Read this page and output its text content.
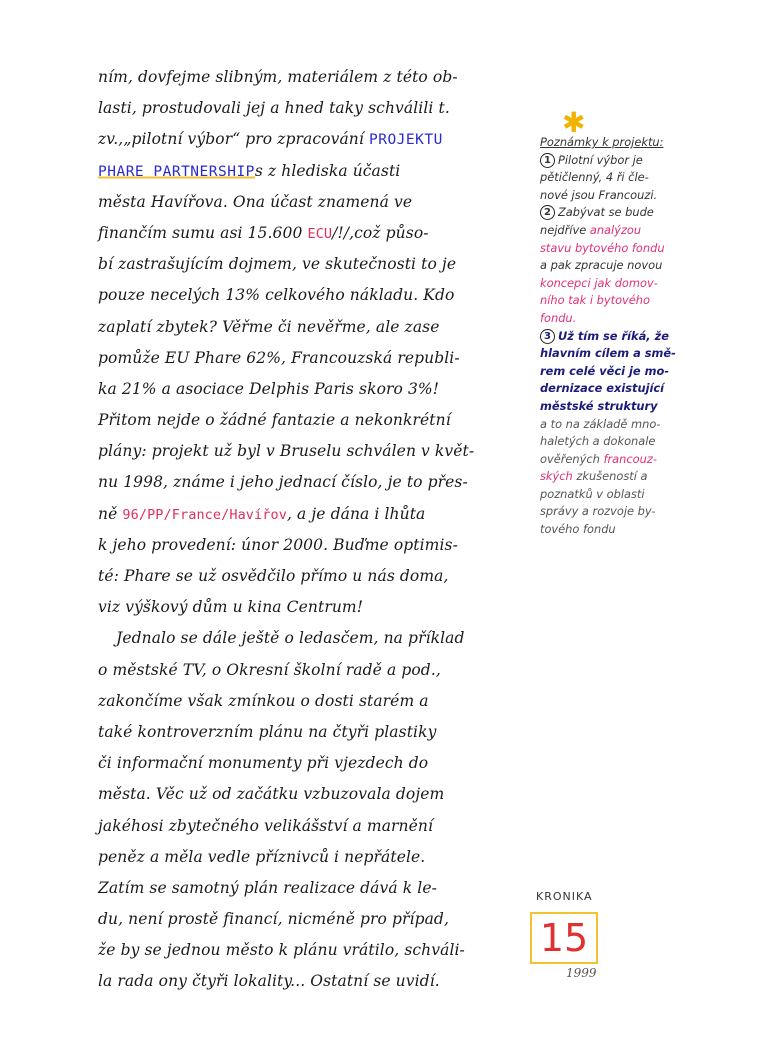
ním, dovfejme slibným, materiálem z této ob-
lasti, prostudovali jej a hned taky schválili t.
zv.,„pilotní výbor“ pro zpracování PROJEKTU
PHARE PARTNERSHIPs z hlediska účasti
města Havířova. Ona účast znamená ve
finančím sumu asi 15.600 ECU/!/,což půso-
bí zastrašujícím dojmem, ve skutečnosti to je
pouze necelých 13% celkového nákladu. Kdo
zaplatí zbytek? Věřme či nevěřme, ale zase
pomůže EU Phare 62%, Francouzská republi-
ka 21% a asociace Delphis Paris skoro 3%!
Přitom nejde o žádné fantazie a nekonkrétní
plány: projekt už byl v Bruselu schválen v květ-
nu 1998, známe i jeho jednací číslo, je to přes-
ně 96/PP/France/Havířov, a je dána i lhůta
k jeho provedení: únor 2000. Buďme optimis-
té: Phare se už osvědčilo přímo u nás doma,
viz výškový dům u kina Centrum!
Jednalo se dále ještě o ledasčem, na příklad
o městské TV, o Okresní školní radě a pod.,
zakončíme však zmínkou o dosti starém a
také kontroverzním plánu na čtyři plastiky
či informační monumenty při vjezdech do
města. Věc už od začátku vzbuzovala dojem
jakéhosi zbytečného velikášství a marnění
peněz a měla vedle příznivců i nepřátele.
Zatím se samotný plán realizace dává k le-
du, není prostě financí, nicméně pro případ,
že by se jednou město k plánu vrátilo, schváli-
la rada ony čtyři lokality... Ostatní se uvidí.
✱
Poznámky k projektu:
1 Pilotní výbor je
pětičlenný, 4 ři čle-
nové jsou Francouzi.
2 Zabývat se bude
nejdříve analýzou
stavu bytového fondu
a pak zpracuje novou
koncepci jak domov-
ního tak i bytového
fondu.
3 Už tím se říká, že
hlavním cílem a smě-
rem celé věci je mo-
dernizace existující
městské struktury
a to na základě mno-
haletých a dokonale
ověřených francouz-
ských zkušeností a
poznatků v oblasti
správy a rozvoje by-
tového fondu
KRONIKA
15
1999
